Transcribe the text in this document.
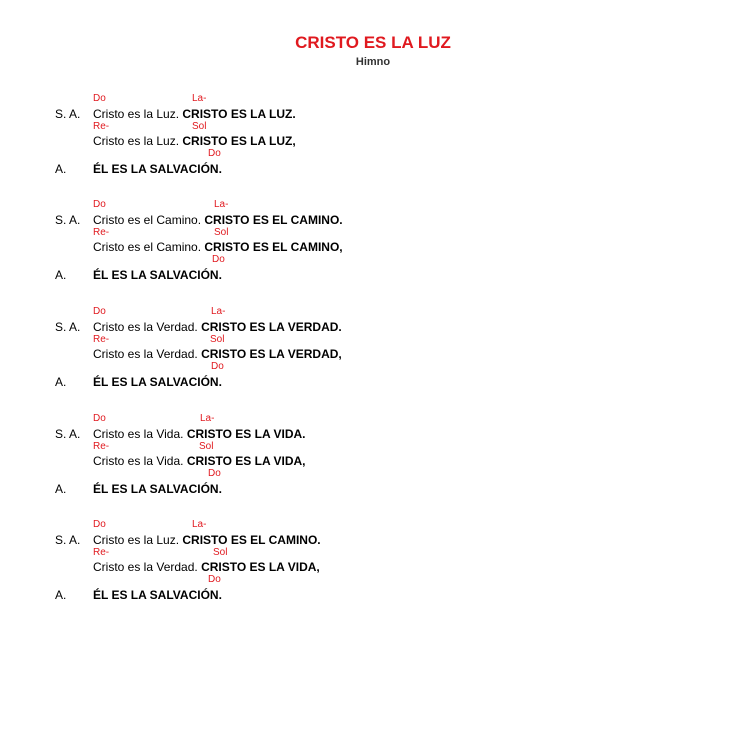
CRISTO ES LA LUZ
Himno
Do	La-
S. A. Cristo es la Luz. CRISTO ES LA LUZ.
Re-	Sol
Cristo es la Luz. CRISTO ES LA LUZ,
Do
A. ÉL ES LA SALVACIÓN.
Do	La-
S. A. Cristo es el Camino. CRISTO ES EL CAMINO.
Re-	Sol
Cristo es el Camino. CRISTO ES EL CAMINO,
Do
A. ÉL ES LA SALVACIÓN.
Do	La-
S. A. Cristo es la Verdad. CRISTO ES LA VERDAD.
Re-	Sol
Cristo es la Verdad. CRISTO ES LA VERDAD,
Do
A. ÉL ES LA SALVACIÓN.
Do	La-
S. A. Cristo es la Vida. CRISTO ES LA VIDA.
Re-	Sol
Cristo es la Vida. CRISTO ES LA VIDA,
Do
A. ÉL ES LA SALVACIÓN.
Do	La-
S. A. Cristo es la Luz. CRISTO ES EL CAMINO.
Re-	Sol
Cristo es la Verdad. CRISTO ES LA VIDA,
Do
A. ÉL ES LA SALVACIÓN.
